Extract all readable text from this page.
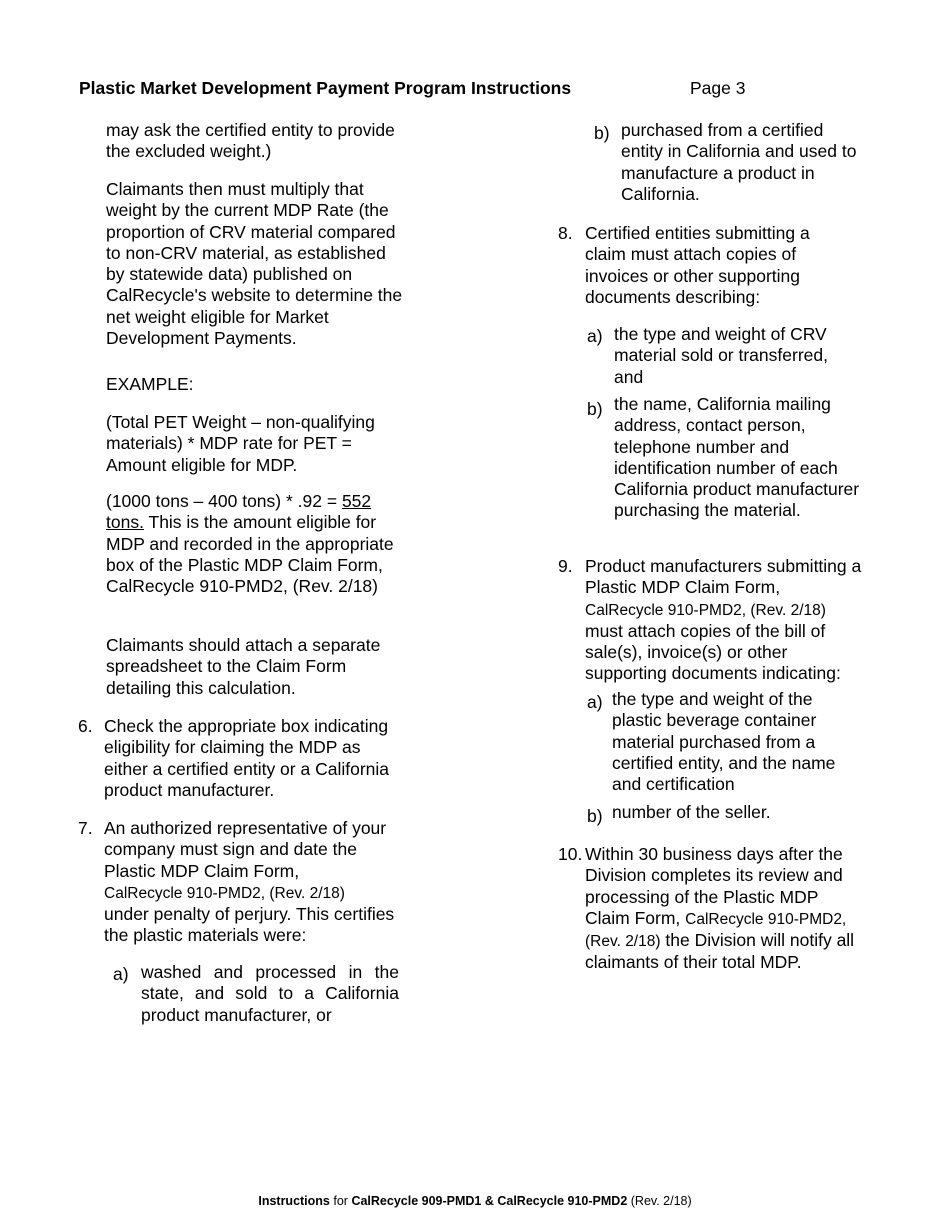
Plastic Market Development Payment Program Instructions	Page 3

may ask the certified entity to provide the excluded weight.)

Claimants then must multiply that weight by the current MDP Rate (the proportion of CRV material compared to non-CRV material, as established by statewide data) published on CalRecycle's website to determine the net weight eligible for Market Development Payments.

EXAMPLE:

(Total PET Weight – non-qualifying materials) * MDP rate for PET = Amount eligible for MDP.

(1000 tons – 400 tons) * .92 = 552 tons. This is the amount eligible for MDP and recorded in the appropriate box of the Plastic MDP Claim Form, CalRecycle 910-PMD2, (Rev. 2/18)

Claimants should attach a separate spreadsheet to the Claim Form detailing this calculation.

6. Check the appropriate box indicating eligibility for claiming the MDP as either a certified entity or a California product manufacturer.

7. An authorized representative of your company must sign and date the Plastic MDP Claim Form,
CalRecycle 910-PMD2, (Rev. 2/18)
under penalty of perjury. This certifies the plastic materials were:

a) washed and processed in the state, and sold to a California product manufacturer, or

b) purchased from a certified entity in California and used to manufacture a product in California.

8. Certified entities submitting a claim must attach copies of invoices or other supporting documents describing:

a) the type and weight of CRV material sold or transferred, and

b) the name, California mailing address, contact person, telephone number and identification number of each California product manufacturer purchasing the material.

9. Product manufacturers submitting a Plastic MDP Claim Form,
CalRecycle 910-PMD2, (Rev. 2/18)
must attach copies of the bill of sale(s), invoice(s) or other supporting documents indicating:

a) the type and weight of the plastic beverage container material purchased from a certified entity, and the name and certification

b) number of the seller.

10. Within 30 business days after the Division completes its review and processing of the Plastic MDP Claim Form, CalRecycle 910-PMD2, (Rev. 2/18) the Division will notify all claimants of their total MDP.

Instructions for CalRecycle 909-PMD1 & CalRecycle 910-PMD2 (Rev. 2/18)
